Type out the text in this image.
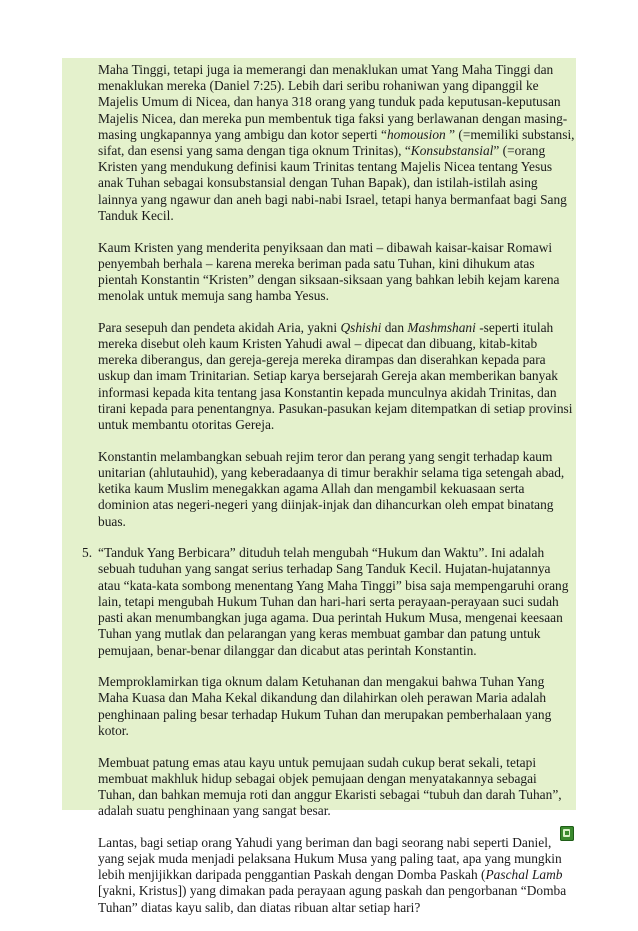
Maha Tinggi, tetapi juga ia memerangi dan menaklukan umat Yang Maha Tinggi dan menaklukan mereka (Daniel 7:25). Lebih dari seribu rohaniwan yang dipanggil ke Majelis Umum di Nicea, dan hanya 318 orang yang tunduk pada keputusan-keputusan Majelis Nicea, dan mereka pun membentuk tiga faksi yang berlawanan dengan masing-masing ungkapannya yang ambigu dan kotor seperti “homousion ” (=memiliki substansi, sifat, dan esensi yang sama dengan tiga oknum Trinitas), “Konsubstansial” (=orang Kristen yang mendukung definisi kaum Trinitas tentang Majelis Nicea tentang Yesus anak Tuhan sebagai konsubstansial dengan Tuhan Bapak), dan istilah-istilah asing lainnya yang ngawur dan aneh bagi nabi-nabi Israel, tetapi hanya bermanfaat bagi Sang Tanduk Kecil.

Kaum Kristen yang menderita penyiksaan dan mati – dibawah kaisar-kaisar Romawi penyembah berhala – karena mereka beriman pada satu Tuhan, kini dihukum atas pientah Konstantin “Kristen” dengan siksaan-siksaan yang bahkan lebih kejam karena menolak untuk memuja sang hamba Yesus.

Para sesepuh dan pendeta akidah Aria, yakni Qshishi dan Mashmshani -seperti itulah mereka disebut oleh kaum Kristen Yahudi awal – dipecat dan dibuang, kitab-kitab mereka diberangus, dan gereja-gereja mereka dirampas dan diserahkan kepada para uskup dan imam Trinitarian. Setiap karya bersejarah Gereja akan memberikan banyak informasi kepada kita tentang jasa Konstantin kepada munculnya akidah Trinitas, dan tirani kepada para penentangnya. Pasukan-pasukan kejam ditempatkan di setiap provinsi untuk membantu otoritas Gereja.

Konstantin melambangkan sebuah rejim teror dan perang yang sengit terhadap kaum unitarian (ahlutauhid), yang keberadaanya di timur berakhir selama tiga setengah abad, ketika kaum Muslim menegakkan agama Allah dan mengambil kekuasaan serta dominion atas negeri-negeri yang diinjak-injak dan dihancurkan oleh empat binatang buas.

5. “Tanduk Yang Berbicara” dituduh telah mengubah “Hukum dan Waktu”. Ini adalah sebuah tuduhan yang sangat serius terhadap Sang Tanduk Kecil. Hujatan-hujatannya atau “kata-kata sombong menentang Yang Maha Tinggi” bisa saja mempengaruhi orang lain, tetapi mengubah Hukum Tuhan dan hari-hari serta perayaan-perayaan suci sudah pasti akan menumbangkan juga agama. Dua perintah Hukum Musa, mengenai keesaan Tuhan yang mutlak dan pelarangan yang keras membuat gambar dan patung untuk pemujaan, benar-benar dilanggar dan dicabut atas perintah Konstantin.

Memproklamirkan tiga oknum dalam Ketuhanan dan mengakui bahwa Tuhan Yang Maha Kuasa dan Maha Kekal dikandung dan dilahirkan oleh perawan Maria adalah penghinaan paling besar terhadap Hukum Tuhan dan merupakan pemberhalaan yang kotor.

Membuat patung emas atau kayu untuk pemujaan sudah cukup berat sekali, tetapi membuat makhluk hidup sebagai objek pemujaan dengan menyatakannya sebagai Tuhan, dan bahkan memuja roti dan anggur Ekaristi sebagai “tubuh dan darah Tuhan”, adalah suatu penghinaan yang sangat besar.

Lantas, bagi setiap orang Yahudi yang beriman dan bagi seorang nabi seperti Daniel, yang sejak muda menjadi pelaksana Hukum Musa yang paling taat, apa yang mungkin lebih menjijikkan daripada penggantian Paskah dengan Domba Paskah (Paschal Lamb [yakni, Kristus]) yang dimakan pada perayaan agung paskah dan pengorbanan “Domba Tuhan” diatas kayu salib, dan diatas ribuan altar setiap hari?
